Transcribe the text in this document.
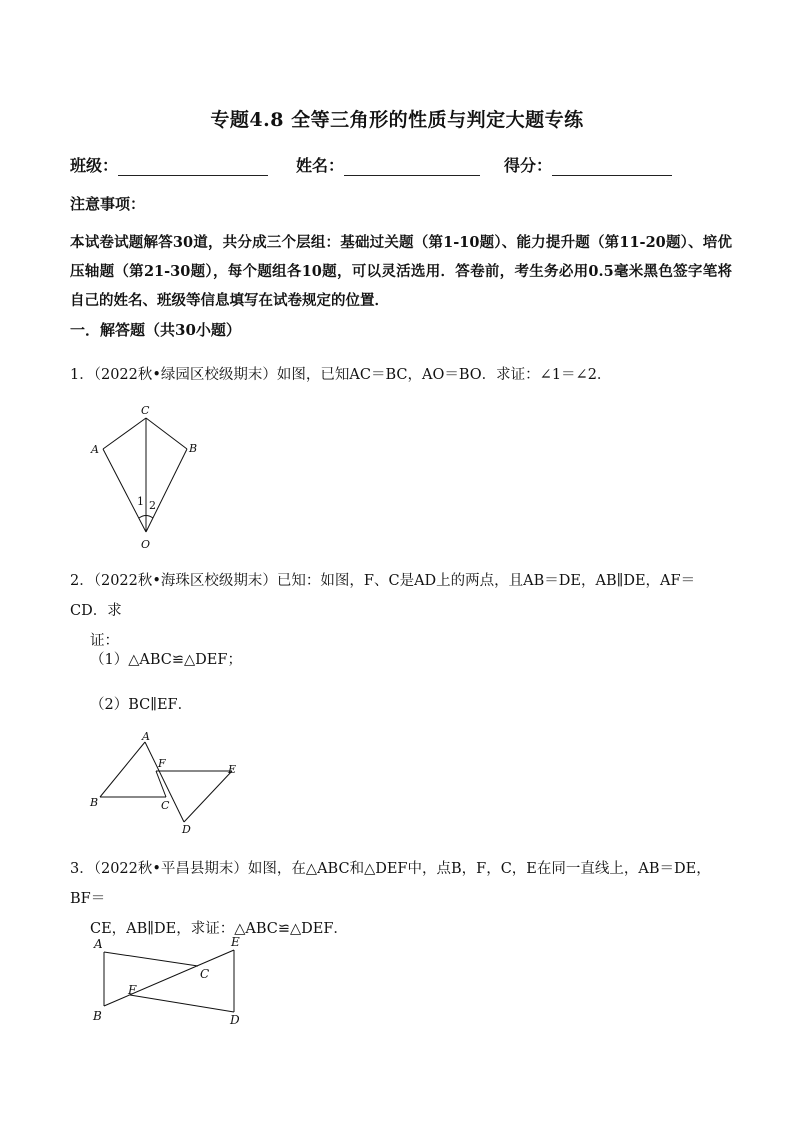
专题4.8 全等三角形的性质与判定大题专练
班级：	姓名：	得分：
注意事项：
本试卷试题解答30道，共分成三个层组：基础过关题（第1-10题）、能力提升题（第11-20题）、培优压轴题（第21-30题），每个题组各10题，可以灵活选用．答卷前，考生务必用0.5毫米黑色签字笔将自己的姓名、班级等信息填写在试卷规定的位置．
一．解答题（共30小题）
1．（2022秋•绿园区校级期末）如图，已知AC＝BC，AO＝BO．求证：∠1＝∠2．
C
A	B
O
1 2
2．（2022秋•海珠区校级期末）已知：如图，F、C是AD上的两点，且AB＝DE，AB∥DE，AF＝CD．求
证：
（1）△ABC≌△DEF；
（2）BC∥EF．
A
B	C
D
E
F
3．（2022秋•平昌县期末）如图，在△ABC和△DEF中，点B，F，C，E在同一直线上，AB＝DE，BF＝
CE，AB∥DE，求证：△ABC≌△DEF．
A
B
C
D
E
F
